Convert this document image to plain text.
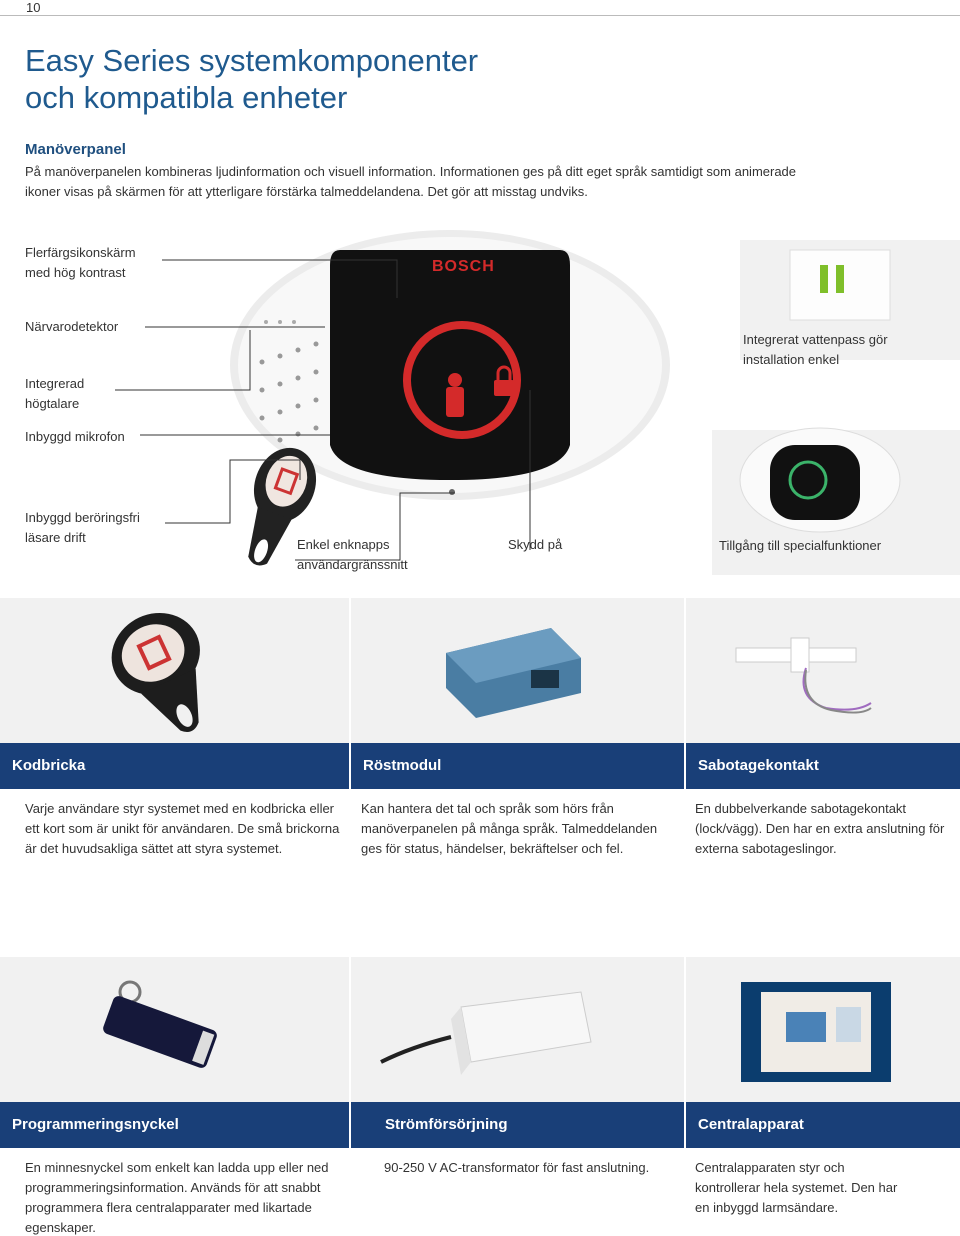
10
Easy Series systemkomponenter
och kompatibla enheter
Manöverpanel
På manöverpanelen kombineras ljudinformation och visuell information. Informationen ges på ditt eget språk samtidigt som animerade ikoner visas på skärmen för att ytterligare förstärka talmeddelandena. Det gör att misstag undviks.
BOSCH
Flerfärgsikonskärm
med hög kontrast
Närvarodetektor
Integrerad
högtalare
Inbyggd mikrofon
Inbyggd beröringsfri
läsare drift	Enkel enknapps
användargränssnitt
Skydd på
Integrerat vattenpass gör
installation enkel
Tillgång till specialfunktioner
Kodbricka	Röstmodul	Sabotagekontakt
Varje användare styr systemet med en kodbricka eller ett kort som är unikt för användaren. De små brickorna är det huvudsakliga sättet att styra systemet.
Kan hantera det tal och språk som hörs från manöverpanelen på många språk. Talmeddelanden ges för status, händelser, bekräftelser och fel.
En dubbelverkande sabotagekontakt (lock/vägg). Den har en extra anslutning för externa sabotageslingor.
Programmeringsnyckel	Strömförsörjning	Centralapparat
En minnesnyckel som enkelt kan ladda upp eller ned programmeringsinformation. Används för att snabbt programmera flera centralapparater med likartade egenskaper.
90-250 V AC-transformator för fast anslutning.	Centralapparaten styr och kontrollerar hela systemet. Den har en inbyggd larmsändare.
